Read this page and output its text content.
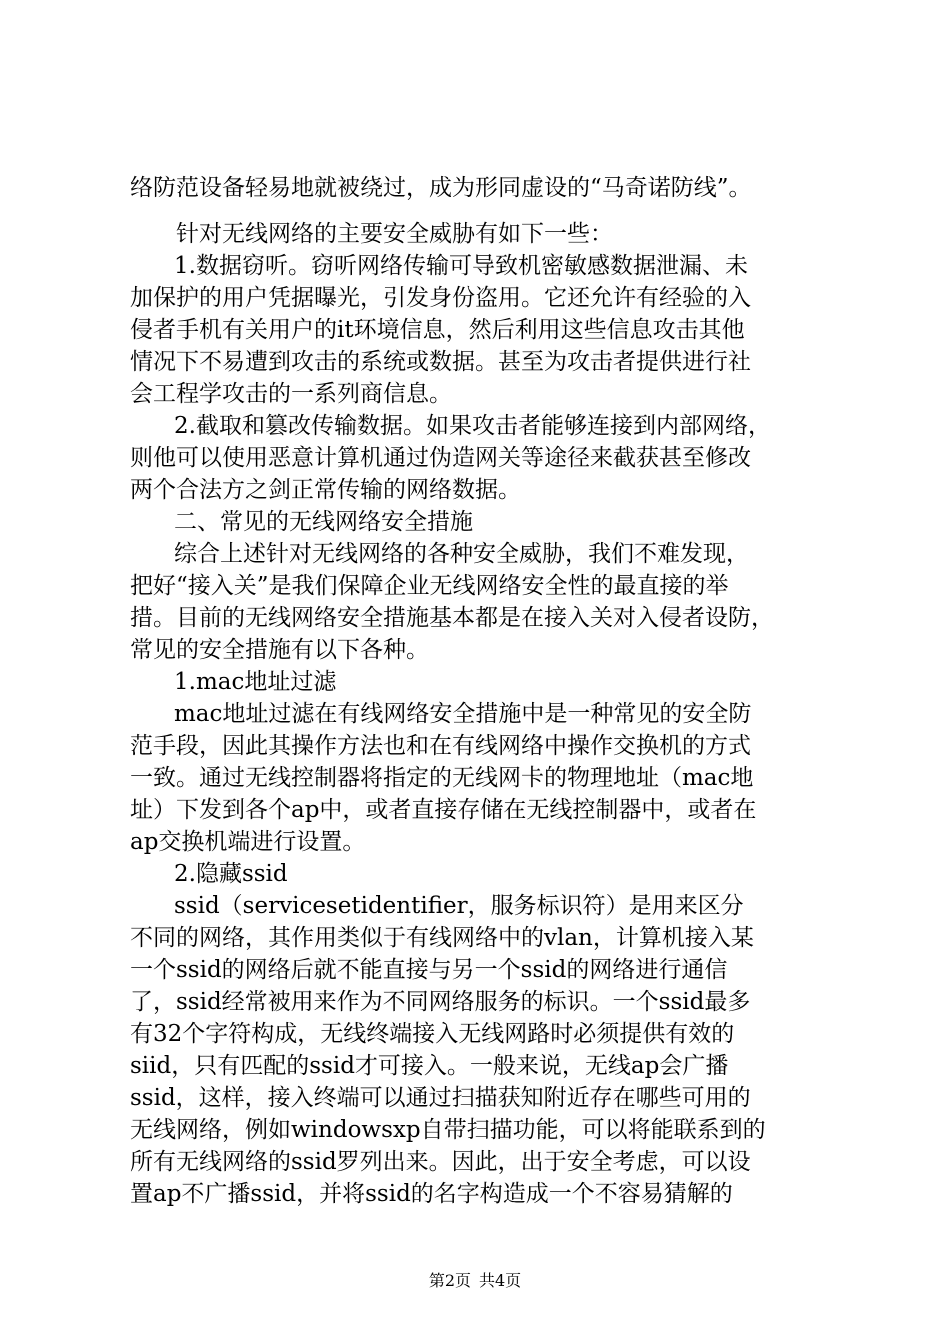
络防范设备轻易地就被绕过，成为形同虚设的“马奇诺防线”。
针对无线网络的主要安全威胁有如下一些：
1.数据窃听。窃听网络传输可导致机密敏感数据泄漏、未
加保护的用户凭据曝光，引发身份盗用。它还允许有经验的入
侵者手机有关用户的it环境信息，然后利用这些信息攻击其他
情况下不易遭到攻击的系统或数据。甚至为攻击者提供进行社
会工程学攻击的一系列商信息。
2.截取和篡改传输数据。如果攻击者能够连接到内部网络，
则他可以使用恶意计算机通过伪造网关等途径来截获甚至修改
两个合法方之剑正常传输的网络数据。
二、常见的无线网络安全措施
综合上述针对无线网络的各种安全威胁，我们不难发现，
把好“接入关”是我们保障企业无线网络安全性的最直接的举
措。目前的无线网络安全措施基本都是在接入关对入侵者设防，
常见的安全措施有以下各种。
1.mac地址过滤
mac地址过滤在有线网络安全措施中是一种常见的安全防
范手段，因此其操作方法也和在有线网络中操作交换机的方式
一致。通过无线控制器将指定的无线网卡的物理地址（mac地
址）下发到各个ap中，或者直接存储在无线控制器中，或者在
ap交换机端进行设置。
2.隐藏ssid
ssid（servicesetidentifier，服务标识符）是用来区分
不同的网络，其作用类似于有线网络中的vlan，计算机接入某
一个ssid的网络后就不能直接与另一个ssid的网络进行通信
了，ssid经常被用来作为不同网络服务的标识。一个ssid最多
有32个字符构成，无线终端接入无线网路时必须提供有效的
siid，只有匹配的ssid才可接入。一般来说，无线ap会广播
ssid，这样，接入终端可以通过扫描获知附近存在哪些可用的
无线网络，例如windowsxp自带扫描功能，可以将能联系到的
所有无线网络的ssid罗列出来。因此，出于安全考虑，可以设
置ap不广播ssid，并将ssid的名字构造成一个不容易猜解的
第2页 共4页
